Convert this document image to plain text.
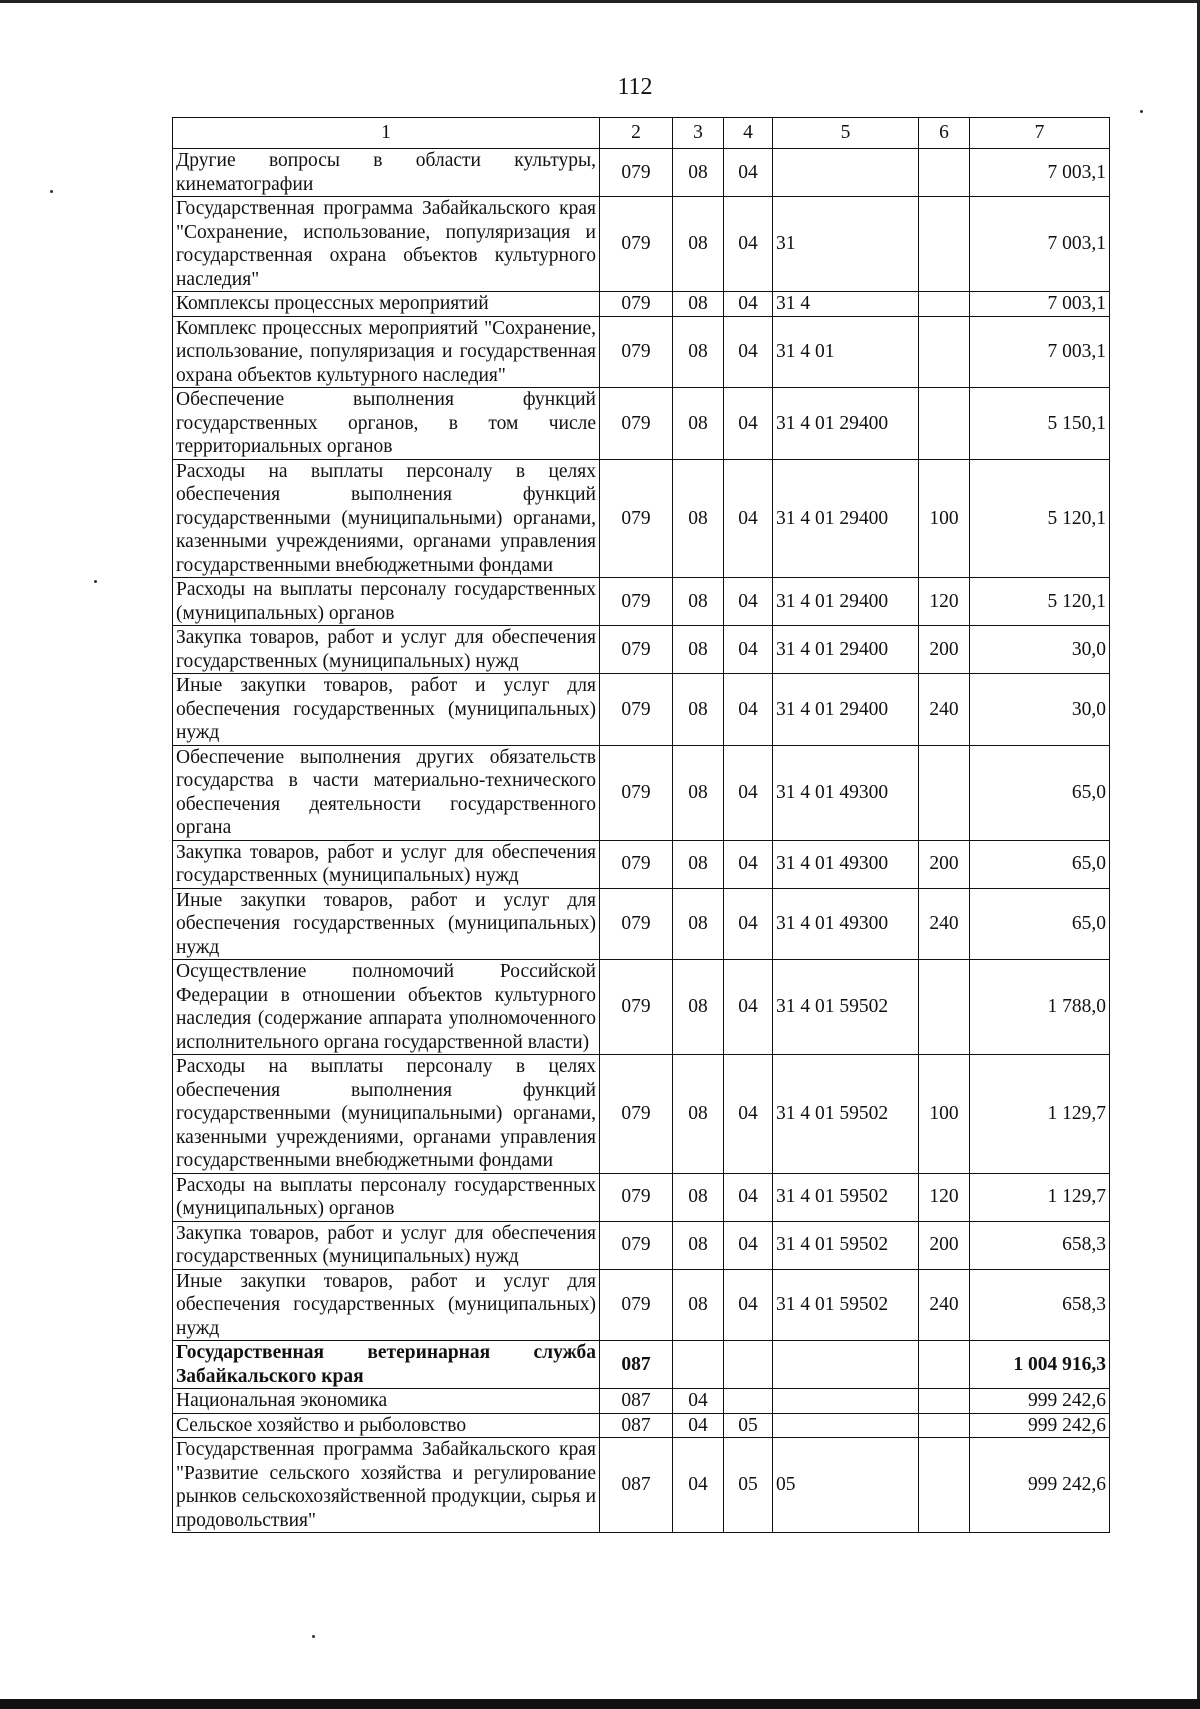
112
1	2	3	4	5	6	7
Другие вопросы в области культуры, кинематографии	079	08	04			7 003,1
Государственная программа Забайкальского края "Сохранение, использование, популяризация и государственная охрана объектов культурного наследия"	079	08	04	31		7 003,1
Комплексы процессных мероприятий	079	08	04	31 4		7 003,1
Комплекс процессных мероприятий "Сохранение, использование, популяризация и государственная охрана объектов культурного наследия"	079	08	04	31 4 01		7 003,1
Обеспечение выполнения функций государственных органов, в том числе территориальных органов	079	08	04	31 4 01 29400		5 150,1
Расходы на выплаты персоналу в целях обеспечения выполнения функций государственными (муниципальными) органами, казенными учреждениями, органами управления государственными внебюджетными фондами	079	08	04	31 4 01 29400	100	5 120,1
Расходы на выплаты персоналу государственных (муниципальных) органов	079	08	04	31 4 01 29400	120	5 120,1
Закупка товаров, работ и услуг для обеспечения государственных (муниципальных) нужд	079	08	04	31 4 01 29400	200	30,0
Иные закупки товаров, работ и услуг для обеспечения государственных (муниципальных) нужд	079	08	04	31 4 01 29400	240	30,0
Обеспечение выполнения других обязательств государства в части материально-технического обеспечения деятельности государственного органа	079	08	04	31 4 01 49300		65,0
Закупка товаров, работ и услуг для обеспечения государственных (муниципальных) нужд	079	08	04	31 4 01 49300	200	65,0
Иные закупки товаров, работ и услуг для обеспечения государственных (муниципальных) нужд	079	08	04	31 4 01 49300	240	65,0
Осуществление полномочий Российской Федерации в отношении объектов культурного наследия (содержание аппарата уполномоченного исполнительного органа государственной власти)	079	08	04	31 4 01 59502		1 788,0
Расходы на выплаты персоналу в целях обеспечения выполнения функций государственными (муниципальными) органами, казенными учреждениями, органами управления государственными внебюджетными фондами	079	08	04	31 4 01 59502	100	1 129,7
Расходы на выплаты персоналу государственных (муниципальных) органов	079	08	04	31 4 01 59502	120	1 129,7
Закупка товаров, работ и услуг для обеспечения государственных (муниципальных) нужд	079	08	04	31 4 01 59502	200	658,3
Иные закупки товаров, работ и услуг для обеспечения государственных (муниципальных) нужд	079	08	04	31 4 01 59502	240	658,3
Государственная ветеринарная служба Забайкальского края	087					1 004 916,3
Национальная экономика	087	04				999 242,6
Сельское хозяйство и рыболовство	087	04	05			999 242,6
Государственная программа Забайкальского края "Развитие сельского хозяйства и регулирование рынков сельскохозяйственной продукции, сырья и продовольствия"	087	04	05	05		999 242,6
